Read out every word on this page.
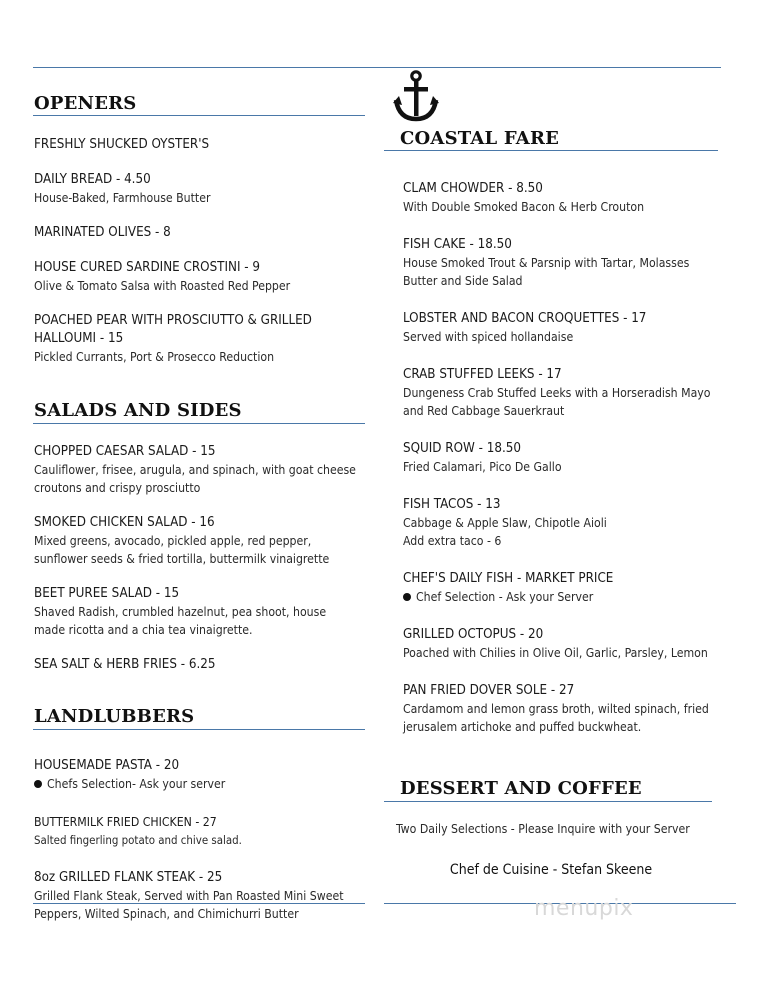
OPENERS
FRESHLY SHUCKED OYSTER'S
DAILY BREAD - 4.50
House-Baked, Farmhouse Butter
MARINATED OLIVES - 8
HOUSE CURED SARDINE CROSTINI - 9
Olive & Tomato Salsa with Roasted Red Pepper
POACHED PEAR WITH PROSCIUTTO & GRILLED HALLOUMI - 15
Pickled Currants, Port & Prosecco Reduction
SALADS AND SIDES
CHOPPED CAESAR SALAD - 15
Cauliflower, frisee, arugula, and spinach, with goat cheese croutons and crispy prosciutto
SMOKED CHICKEN SALAD - 16
Mixed greens, avocado, pickled apple, red pepper, sunflower seeds & fried tortilla, buttermilk vinaigrette
BEET PUREE SALAD - 15
Shaved Radish, crumbled hazelnut, pea shoot, house made ricotta and a chia tea vinaigrette.
SEA SALT & HERB FRIES - 6.25
LANDLUBBERS
HOUSEMADE PASTA - 20
Chefs Selection- Ask your server
BUTTERMILK FRIED CHICKEN - 27
Salted fingerling potato and chive salad.
8oz GRILLED FLANK STEAK - 25
Grilled Flank Steak, Served with Pan Roasted Mini Sweet Peppers, Wilted Spinach, and Chimichurri Butter
COASTAL FARE
CLAM CHOWDER - 8.50
With Double Smoked Bacon & Herb Crouton
FISH CAKE - 18.50
House Smoked Trout & Parsnip with Tartar, Molasses Butter and Side Salad
LOBSTER AND BACON CROQUETTES - 17
Served with spiced hollandaise
CRAB STUFFED LEEKS - 17
Dungeness Crab Stuffed Leeks with a Horseradish Mayo and Red Cabbage Sauerkraut
SQUID ROW - 18.50
Fried Calamari, Pico De Gallo
FISH TACOS - 13
Cabbage & Apple Slaw, Chipotle Aioli
Add extra taco - 6
CHEF'S DAILY FISH - MARKET PRICE
Chef Selection - Ask your Server
GRILLED OCTOPUS - 20
Poached with Chilies in Olive Oil, Garlic, Parsley, Lemon
PAN FRIED DOVER SOLE - 27
Cardamom and lemon grass broth, wilted spinach, fried jerusalem artichoke and puffed buckwheat.
DESSERT AND COFFEE
Two Daily Selections - Please Inquire with your Server
Chef de Cuisine - Stefan Skeene
menupix
